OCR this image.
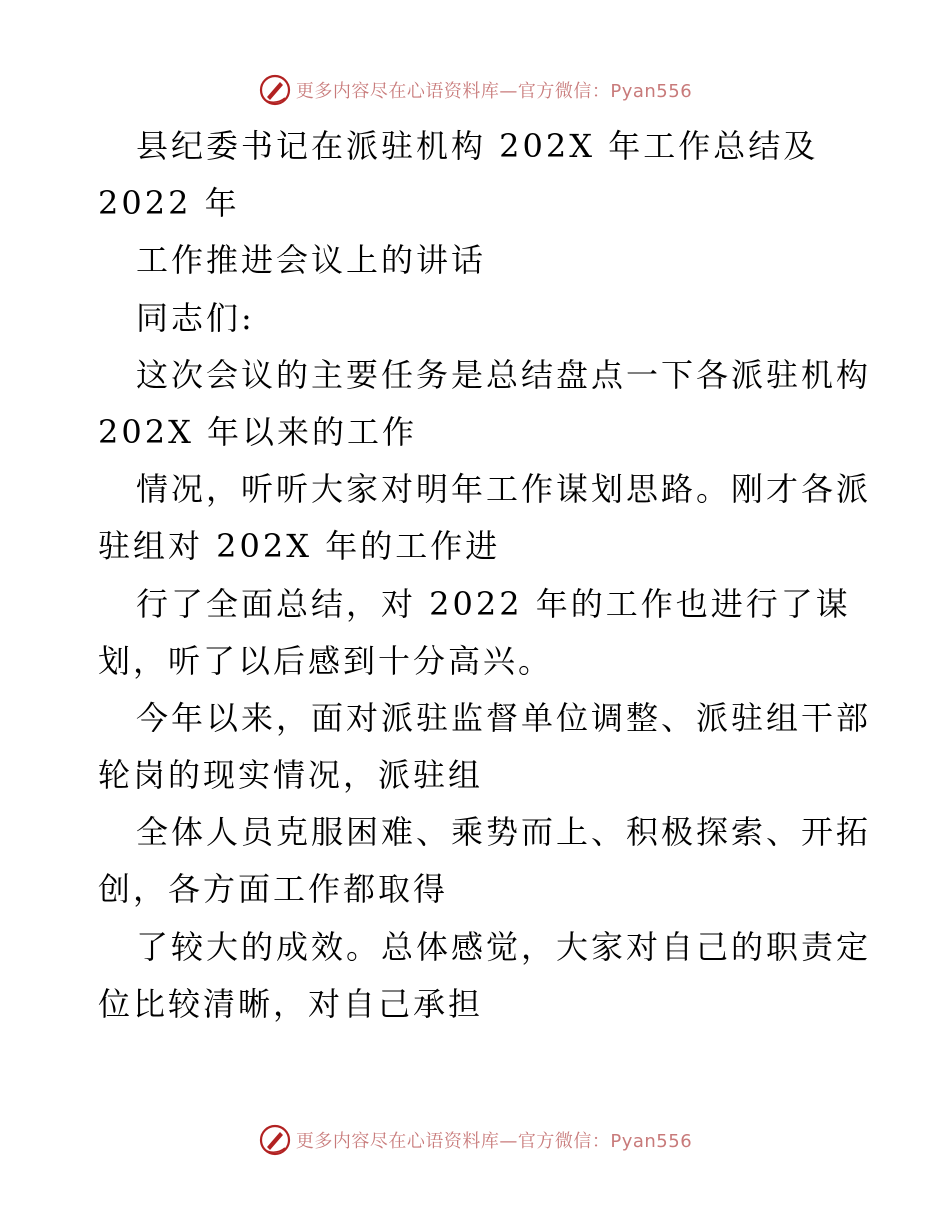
更多内容尽在心语资料库—官方微信：Pyan556
县纪委书记在派驻机构 202X 年工作总结及
2022 年
工作推进会议上的讲话
同志们:
这次会议的主要任务是总结盘点一下各派驻机构
202X 年以来的工作
情况，听听大家对明年工作谋划思路。刚才各派
驻组对 202X 年的工作进
行了全面总结，对 2022 年的工作也进行了谋
划，听了以后感到十分高兴。
今年以来，面对派驻监督单位调整、派驻组干部
轮岗的现实情况，派驻组
全体人员克服困难、乘势而上、积极探索、开拓
创，各方面工作都取得
了较大的成效。总体感觉，大家对自己的职责定
位比较清晰，对自己承担
更多内容尽在心语资料库—官方微信：Pyan556
